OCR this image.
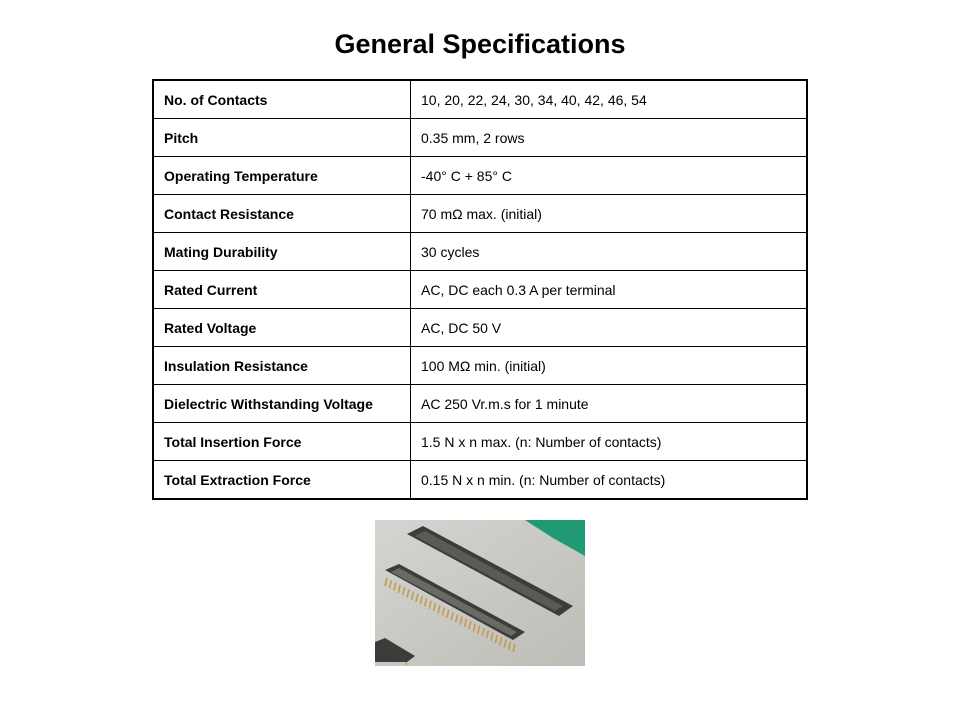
General Specifications
No. of Contacts	10, 20, 22, 24, 30, 34, 40, 42, 46, 54
Pitch	0.35 mm, 2 rows
Operating Temperature	-40° C + 85° C
Contact Resistance	70 mΩ max. (initial)
Mating Durability	30 cycles
Rated Current	AC, DC each 0.3 A per terminal
Rated Voltage	AC, DC 50 V
Insulation Resistance	100 MΩ min. (initial)
Dielectric Withstanding Voltage	AC 250 Vr.m.s for 1 minute
Total Insertion Force	1.5 N x n max. (n: Number of contacts)
Total Extraction Force	0.15 N x n min. (n: Number of contacts)
